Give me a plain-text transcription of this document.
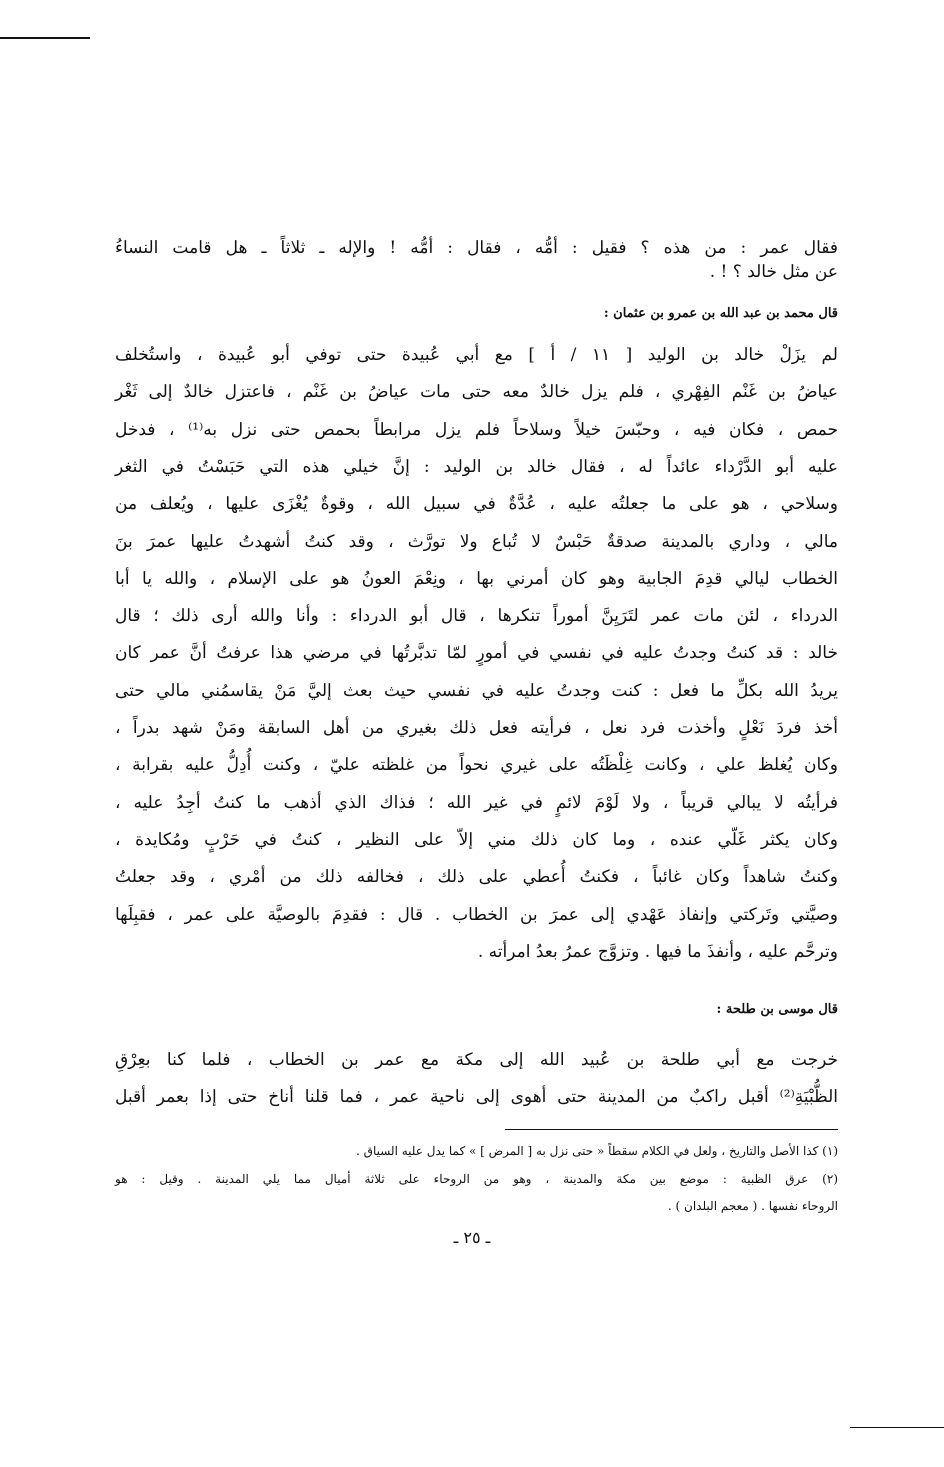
فقال عمر : من هذه ؟ فقيل : أمُّه ، فقال : أمُّه ! والإله ـ ثلاثاً ـ هل قامت النساءُ
عن مثل خالد ؟ ! .
قال محمد بن عبد الله بن عمرو بن عثمان :
لم يزَلْ خالد بن الوليد [ ١١ / أ ] مع أبي عُبيدة حتى توفي أبو عُبيدة ، واستُخلف
عياضُ بن غَنْم الفِهْري ، فلم يزل خالدٌ معه حتى مات عياضُ بن غَنْم ، فاعتزل خالدٌ إلى ثَغْر
حمص ، فكان فيه ، وحبّسَ خيلاً وسلاحاً فلم يزل مرابطاً بحمص حتى نزل به⁽¹⁾ ، فدخل
عليه أبو الدَّرْداء عائداً له ، فقال خالد بن الوليد : إنَّ خيلي هذه التي حَبَسْتُ في الثغر
وسلاحي ، هو على ما جعلتُه عليه ، عُدَّةٌ في سبيل الله ، وقوةٌ يُغْزَى عليها ، ويُعلف من
مالي ، وداري بالمدينة صدقةٌ حَبْسٌ لا تُباع ولا تورَّث ، وقد كنتُ أشهدتُ عليها عمرَ بنَ
الخطاب ليالي قدِمَ الجابية وهو كان أمرني بها ، ونِعْمَ العونُ هو على الإسلام ، والله يا أبا
الدرداء ، لئن مات عمر لتَرَيِنَّ أموراً تنكرها ، قال أبو الدرداء : وأنا والله أرى ذلك ؛ قال
خالد : قد كنتُ وجدتُ عليه في نفسي في أمورٍ لمّا تدبَّرتُها في مرضي هذا عرفتُ أنَّ عمر كان
يريدُ الله بكلِّ ما فعل : كنت وجدتُ عليه في نفسي حيث بعث إليَّ مَنْ يقاسمُني مالي حتى
أخذ فردَ نَعْلٍ وأخذت فرد نعل ، فرأيته فعل ذلك بغيري من أهل السابقة ومَنْ شهد بدراً ،
وكان يُغلظ علي ، وكانت غِلْظَتُه على غيري نحواً من غلظته عليّ ، وكنت أُدِلُّ عليه بقرابة ،
فرأيتُه لا يبالي قريباً ، ولا لَوْمَ لائمٍ في غير الله ؛ فذاك الذي أذهب ما كنتُ أجِدُ عليه ،
وكان يكثر غَلّي عنده ، وما كان ذلك مني إلاّ على النظير ، كنتُ في حَرْبٍ ومُكايدة ،
وكنتُ شاهداً وكان غائباً ، فكنتُ أُعطي على ذلك ، فخالفه ذلك من أمْري ، وقد جعلتُ
وصيَّتي وتَركتي وإنفاذ عَهْدي إلى عمرَ بن الخطاب . قال : فقدِمَ بالوصيَّة على عمر ، فقبِلَها
وترحَّم عليه ، وأنفذَ ما فيها . وتزوَّج عمرُ بعدُ امرأته .
قال موسى بن طلحة :
خرجت مع أبي طلحة بن عُبيد الله إلى مكة مع عمر بن الخطاب ، فلما كنا بعِرْقِ
الظُّبْيَةِ⁽²⁾ أقبل راكبٌ من المدينة حتى أهوى إلى ناحية عمر ، فما قلنا أناخ حتى إذا بعمر أقبل
(١) كذا الأصل والتاريخ ، ولعل في الكلام سقطاً « حتى نزل به [ المرض ] » كما يدل عليه السياق .
(٢) عرق الظبية : موضع بين مكة والمدينة ، وهو من الروحاء على ثلاثة أميال مما يلي المدينة . وقيل : هو
الروحاء نفسها . ( معجم البلدان ) .
ـ ٢٥ ـ
